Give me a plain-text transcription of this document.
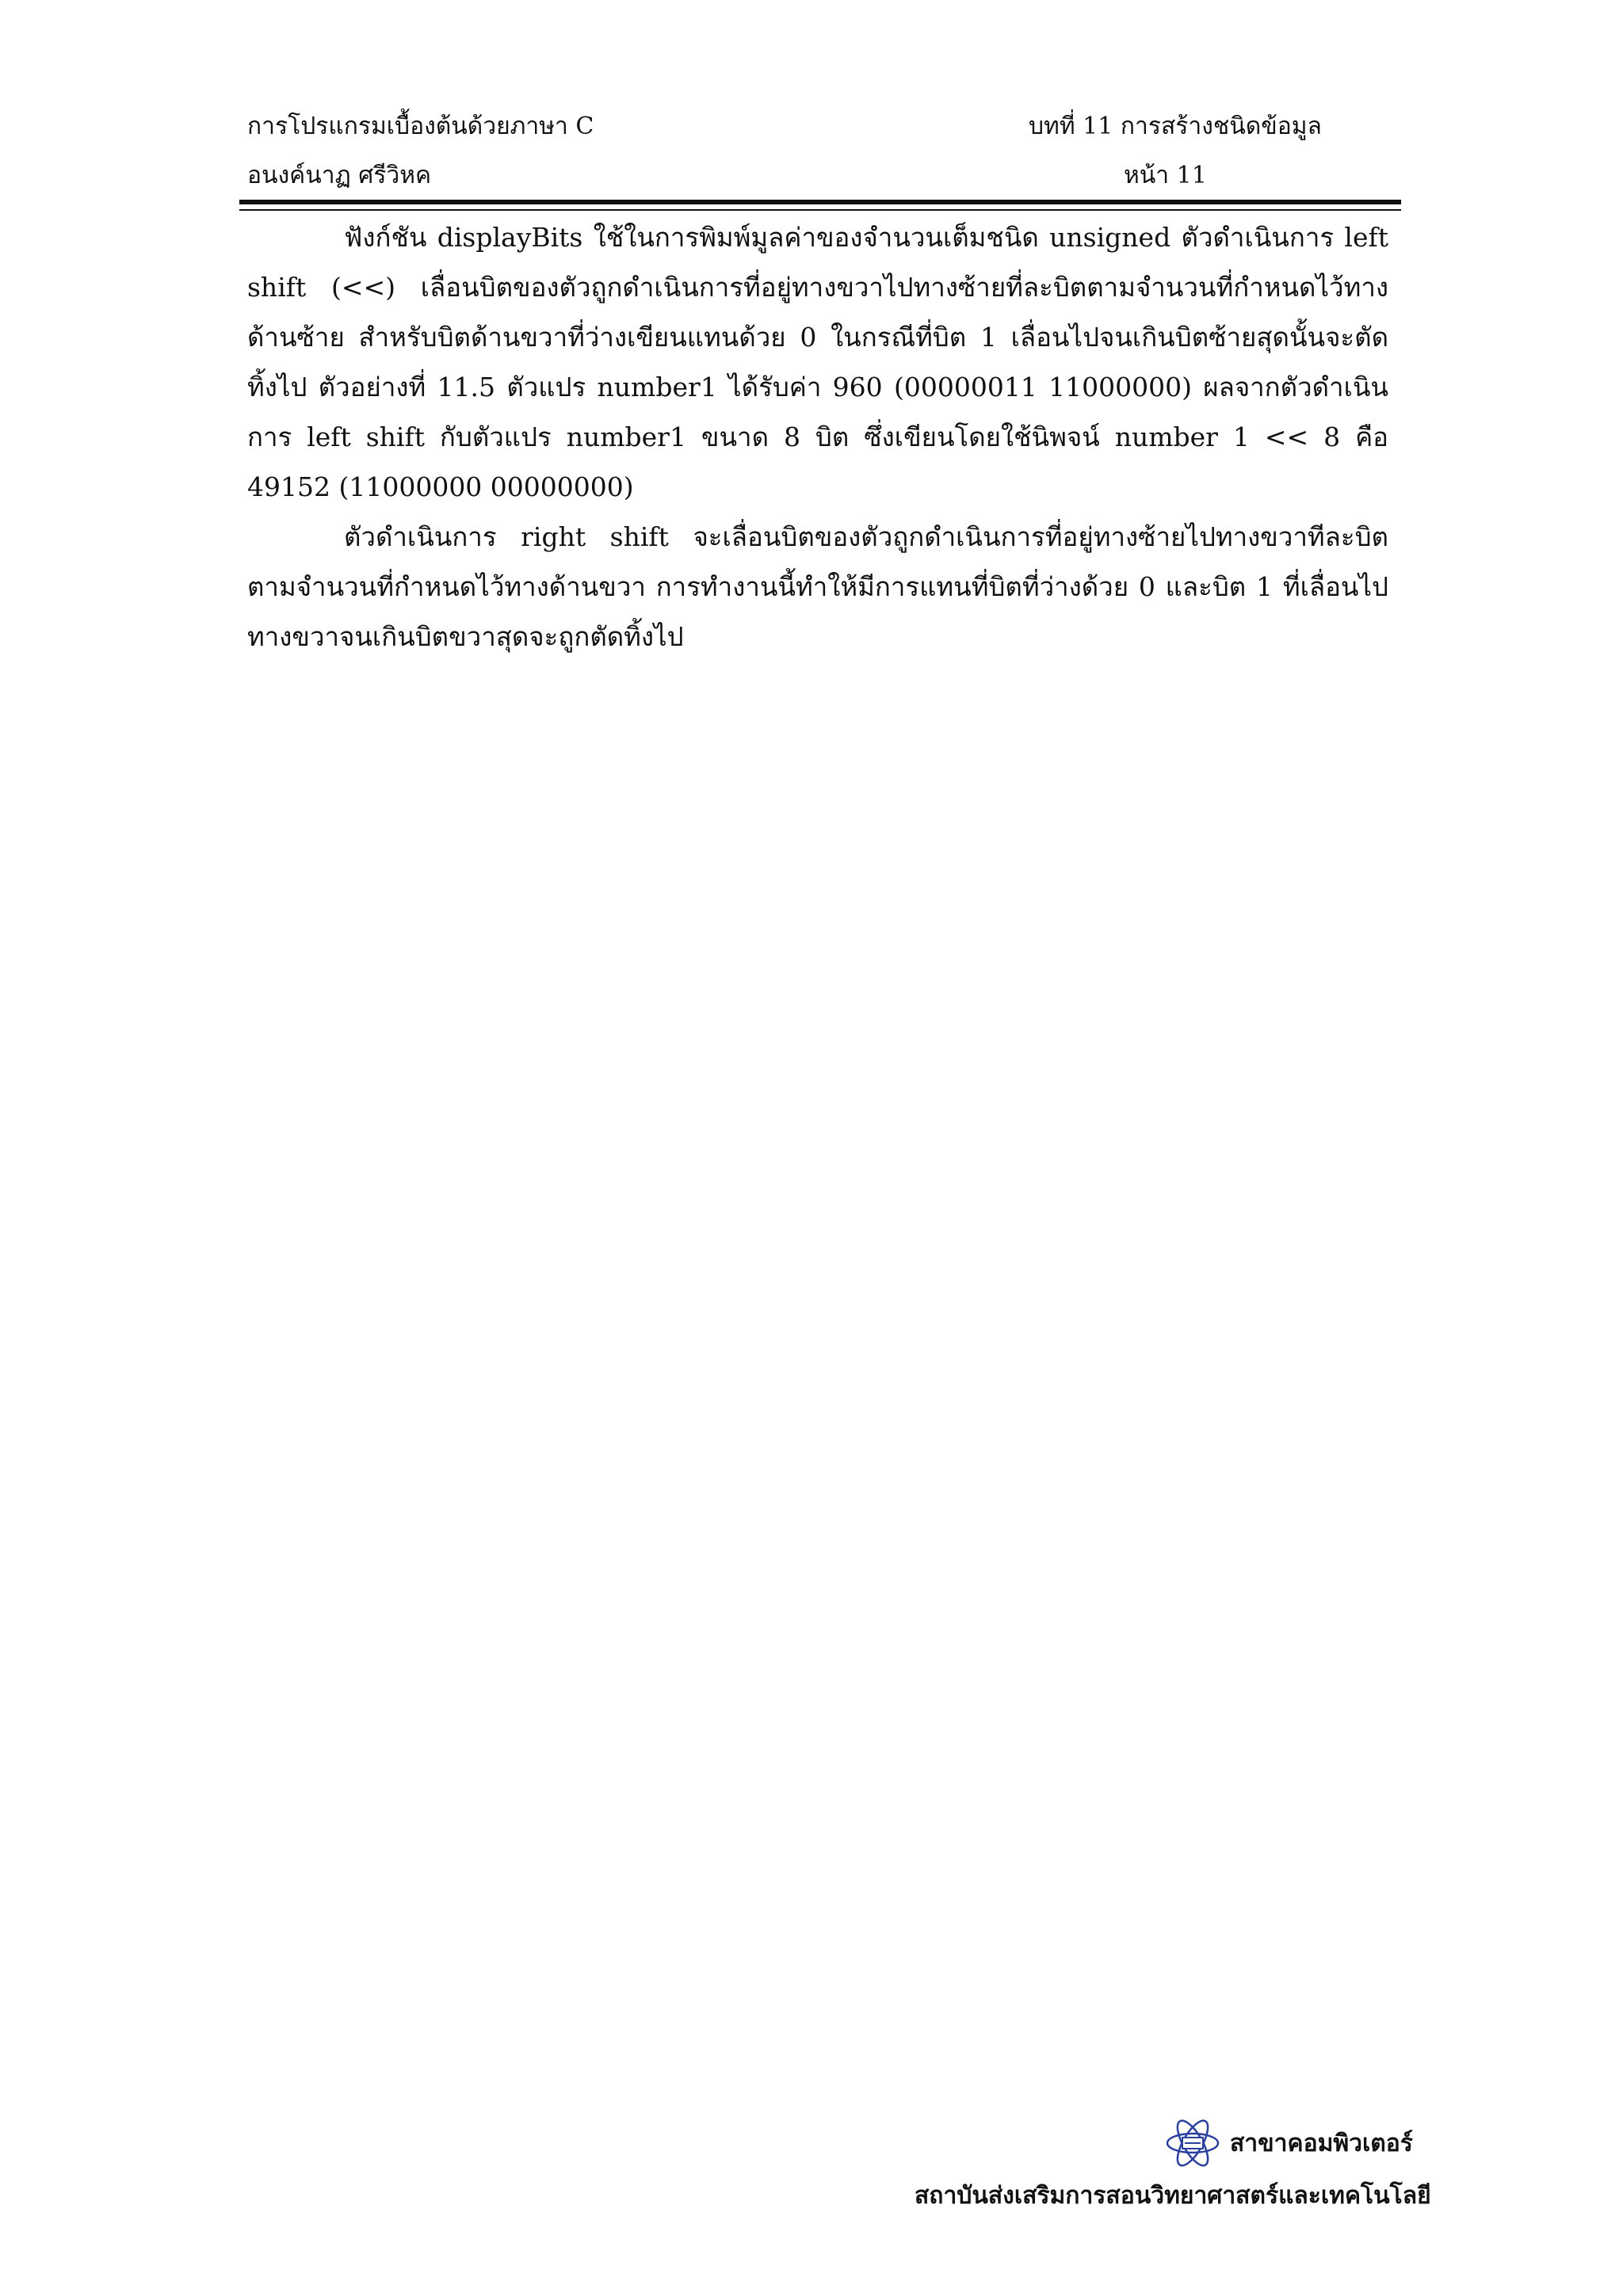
การโปรแกรมเบื้องต้นด้วยภาษา C	บทที่ 11 การสร้างชนิดข้อมูล
อนงค์นาฏ ศรีวิหค	หน้า 11

ฟังก์ชัน displayBits ใช้ในการพิมพ์มูลค่าของจำนวนเต็มชนิด unsigned ตัวดำเนินการ left shift (<<) เลื่อนบิตของตัวถูกดำเนินการที่อยู่ทางขวาไปทางซ้ายที่ละบิตตามจำนวนที่กำหนดไว้ทางด้านซ้าย สำหรับบิตด้านขวาที่ว่างเขียนแทนด้วย 0 ในกรณีที่บิต 1 เลื่อนไปจนเกินบิตซ้ายสุดนั้นจะตัดทิ้งไป ตัวอย่างที่ 11.5 ตัวแปร number1 ได้รับค่า 960 (00000011 11000000) ผลจากตัวดำเนินการ left shift กับตัวแปร number1 ขนาด 8 บิต ซึ่งเขียนโดยใช้นิพจน์ number 1 << 8 คือ 49152 (11000000 00000000)

ตัวดำเนินการ right shift จะเลื่อนบิตของตัวถูกดำเนินการที่อยู่ทางซ้ายไปทางขวาทีละบิตตามจำนวนที่กำหนดไว้ทางด้านขวา การทำงานนี้ทำให้มีการแทนที่บิตที่ว่างด้วย 0 และบิต 1 ที่เลื่อนไปทางขวาจนเกินบิตขวาสุดจะถูกตัดทิ้งไป

สาขาคอมพิวเตอร์
สถาบันส่งเสริมการสอนวิทยาศาสตร์และเทคโนโลยี
